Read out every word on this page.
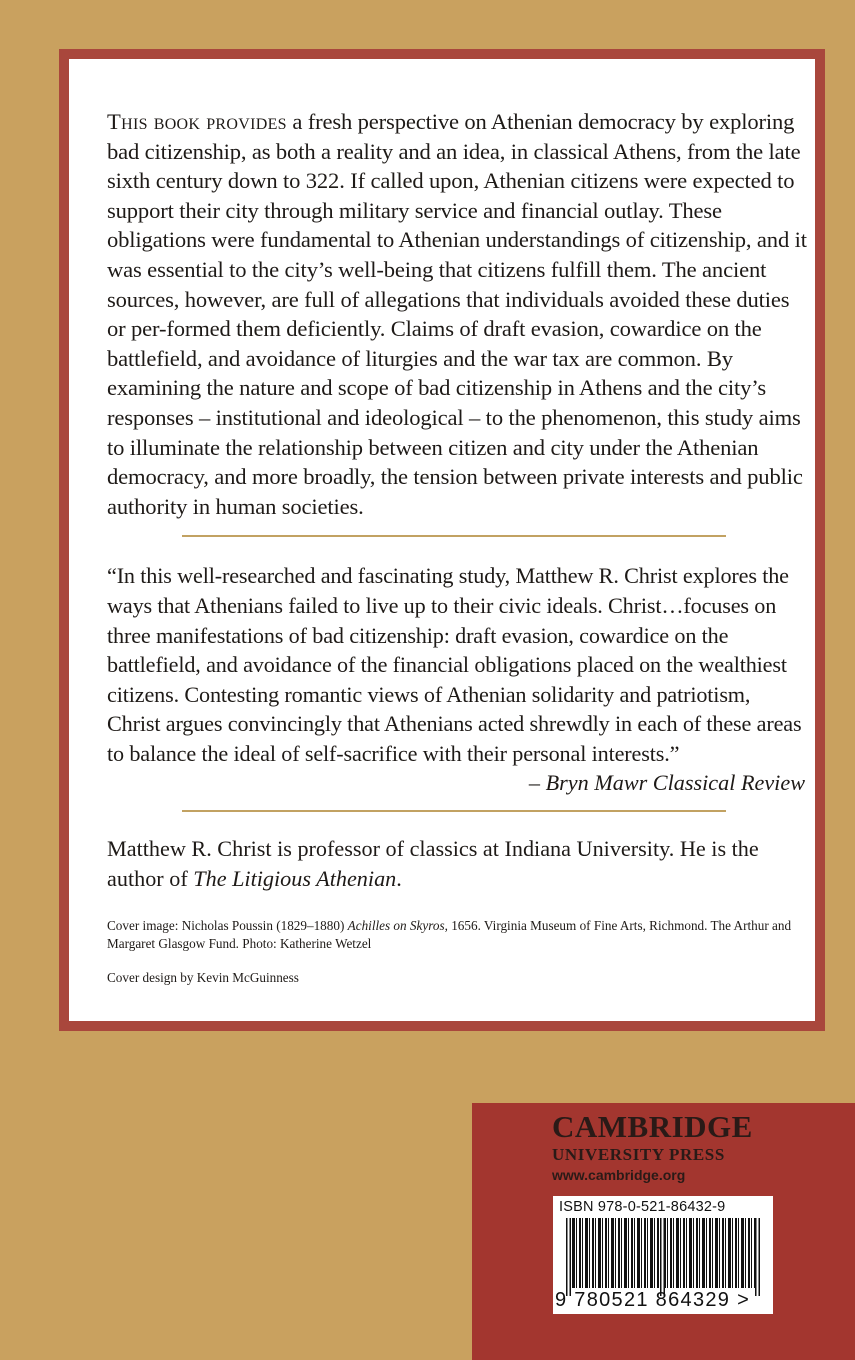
This book provides a fresh perspective on Athenian democracy by exploring bad citizenship, as both a reality and an idea, in classical Athens, from the late sixth century down to 322. If called upon, Athenian citizens were expected to support their city through military service and financial outlay. These obligations were fundamental to Athenian understandings of citizenship, and it was essential to the city’s well-being that citizens fulfill them. The ancient sources, however, are full of allegations that individuals avoided these duties or per-formed them deficiently. Claims of draft evasion, cowardice on the battlefield, and avoidance of liturgies and the war tax are common. By examining the nature and scope of bad citizenship in Athens and the city’s responses – institutional and ideological – to the phenomenon, this study aims to illuminate the relationship between citizen and city under the Athenian democracy, and more broadly, the tension between private interests and public authority in human societies.

“In this well-researched and fascinating study, Matthew R. Christ explores the ways that Athenians failed to live up to their civic ideals. Christ…focuses on three manifestations of bad citizenship: draft evasion, cowardice on the battlefield, and avoidance of the financial obligations placed on the wealthiest citizens. Contesting romantic views of Athenian solidarity and patriotism, Christ argues convincingly that Athenians acted shrewdly in each of these areas to balance the ideal of self-sacrifice with their personal interests.”

– Bryn Mawr Classical Review

Matthew R. Christ is professor of classics at Indiana University. He is the author of The Litigious Athenian.

Cover image: Nicholas Poussin (1829–1880) Achilles on Skyros, 1656. Virginia Museum of Fine Arts, Richmond. The Arthur and Margaret Glasgow Fund. Photo: Katherine Wetzel

Cover design by Kevin McGuinness

CAMBRIDGE

UNIVERSITY PRESS

www.cambridge.org

ISBN 978-0-521-86432-9

9 780521 864329 >
